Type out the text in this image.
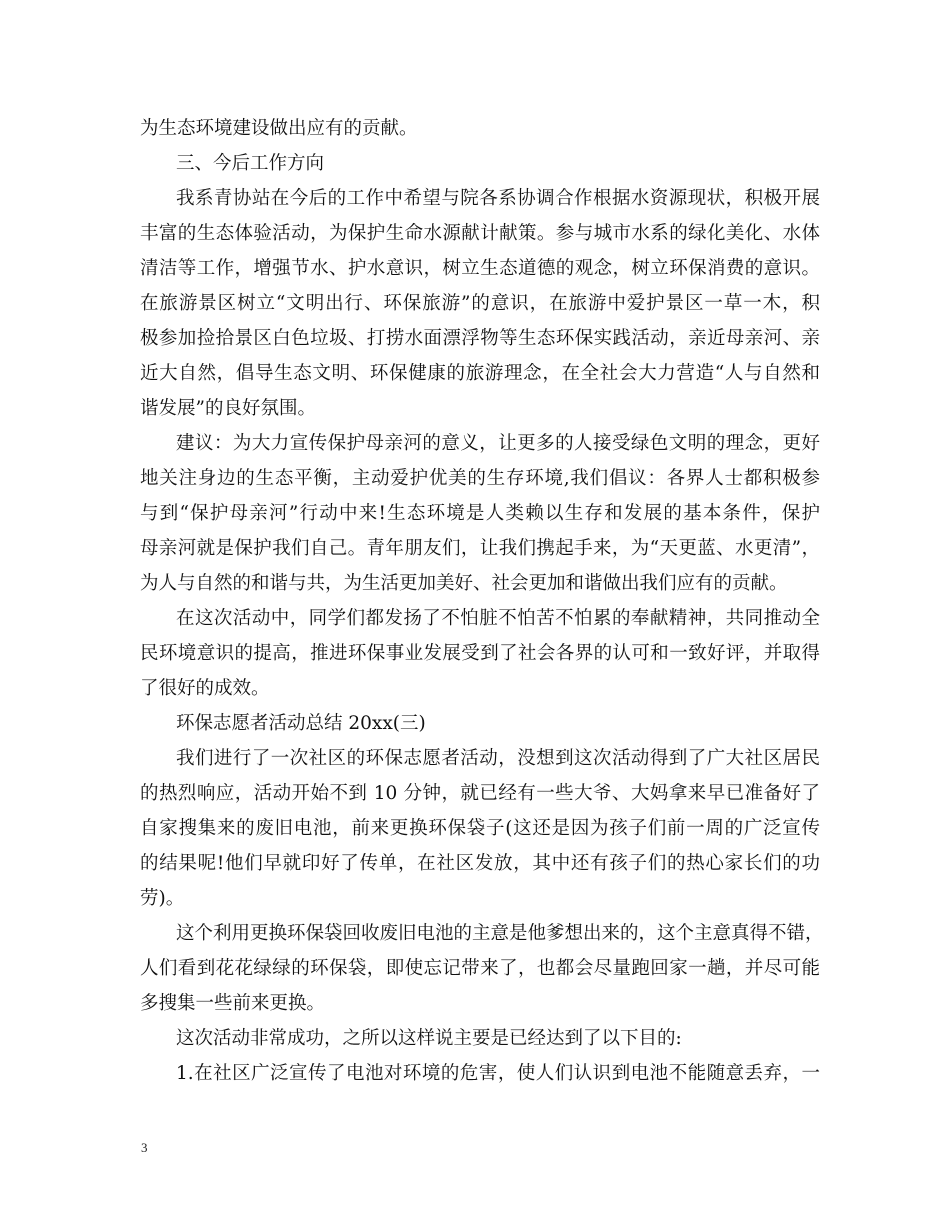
为生态环境建设做出应有的贡献。
三、今后工作方向
我系青协站在今后的工作中希望与院各系协调合作根据水资源现状，积极开展
丰富的生态体验活动，为保护生命水源献计献策。参与城市水系的绿化美化、水体
清洁等工作，增强节水、护水意识，树立生态道德的观念，树立环保消费的意识。
在旅游景区树立“文明出行、环保旅游”的意识，在旅游中爱护景区一草一木，积
极参加捡拾景区白色垃圾、打捞水面漂浮物等生态环保实践活动，亲近母亲河、亲
近大自然，倡导生态文明、环保健康的旅游理念，在全社会大力营造“人与自然和
谐发展”的良好氛围。
建议：为大力宣传保护母亲河的意义，让更多的人接受绿色文明的理念，更好
地关注身边的生态平衡，主动爱护优美的生存环境,我们倡议：各界人士都积极参
与到“保护母亲河”行动中来!生态环境是人类赖以生存和发展的基本条件，保护
母亲河就是保护我们自己。青年朋友们，让我们携起手来，为“天更蓝、水更清”，
为人与自然的和谐与共，为生活更加美好、社会更加和谐做出我们应有的贡献。
在这次活动中，同学们都发扬了不怕脏不怕苦不怕累的奉献精神，共同推动全
民环境意识的提高，推进环保事业发展受到了社会各界的认可和一致好评，并取得
了很好的成效。
环保志愿者活动总结 20xx(三)
我们进行了一次社区的环保志愿者活动，没想到这次活动得到了广大社区居民
的热烈响应，活动开始不到 10 分钟，就已经有一些大爷、大妈拿来早已准备好了
自家搜集来的废旧电池，前来更换环保袋子(这还是因为孩子们前一周的广泛宣传
的结果呢!他们早就印好了传单，在社区发放，其中还有孩子们的热心家长们的功
劳)。
这个利用更换环保袋回收废旧电池的主意是他爹想出来的，这个主意真得不错，
人们看到花花绿绿的环保袋，即使忘记带来了，也都会尽量跑回家一趟，并尽可能
多搜集一些前来更换。
这次活动非常成功，之所以这样说主要是已经达到了以下目的:
1.在社区广泛宣传了电池对环境的危害，使人们认识到电池不能随意丢弃，一
3
